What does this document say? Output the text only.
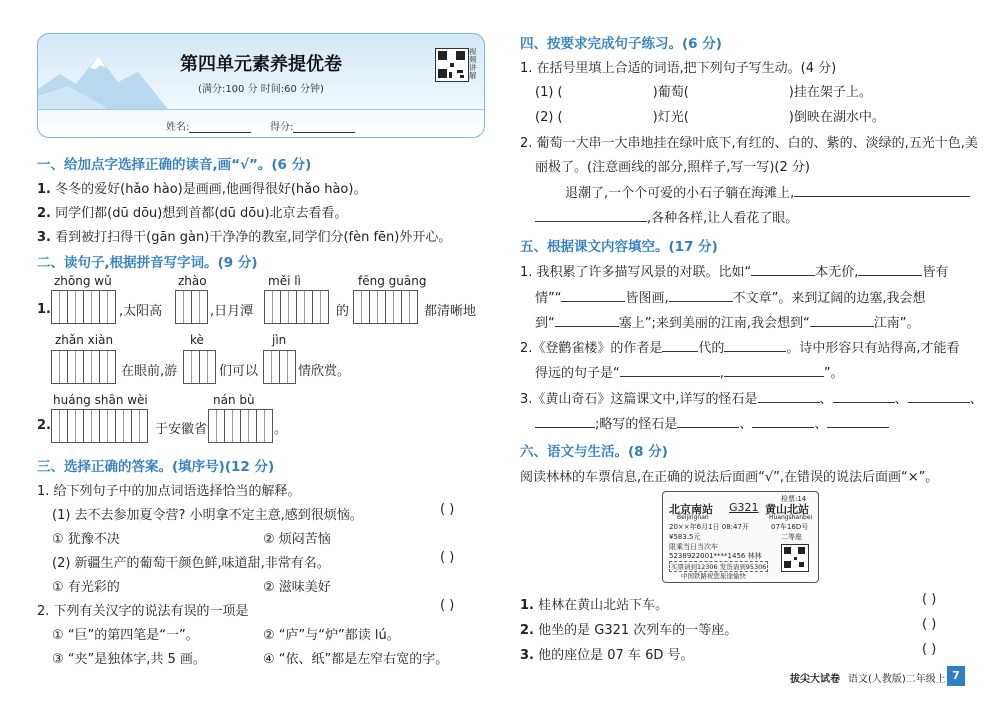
第四单元素养提优卷
(满分:100 分 时间:60 分钟)
视频讲解
姓名:	得分:
一、给加点字选择正确的读音,画“√”。(6 分)
1. 冬冬的爱好(hǎo hào)是画画,他画得很好(hǎo hào)。
2. 同学们都(dū dōu)想到首都(dū dōu)北京去看看。
3. 看到被打扫得干(gān gàn)干净净的教室,同学们分(fèn fēn)外开心。
二、读句子,根据拼音写字词。(9 分)
zhōng wǔ	zhào	měi lì	fēng guāng
1.	,太阳高	,日月潭	的	都清晰地
zhǎn xiàn	kè	jìn
在眼前,游	们可以	情欣赏。
huáng shān wèi	nán bù
2.	于安徽省	。
三、选择正确的答案。(填序号)(12 分)
1. 给下列句子中的加点词语选择恰当的解释。
(1) 去不去参加夏令营? 小明拿不定主意,感到很烦恼。	( )
① 犹豫不决	② 烦闷苦恼
(2) 新疆生产的葡萄干颜色鲜,味道甜,非常有名。	( )
① 有光彩的	② 滋味美好
2. 下列有关汉字的说法有误的一项是	( )
① “巨”的第四笔是“一”。	② “庐”与“炉”都读 lú。
③ “夹”是独体字,共 5 画。	④ “依、纸”都是左窄右宽的字。
四、按要求完成句子练习。(6 分)
1. 在括号里填上合适的词语,把下列句子写生动。(4 分)
(1) (	)葡萄(	)挂在架子上。
(2) (	)灯光(	)倒映在湖水中。
2. 葡萄一大串一大串地挂在绿叶底下,有红的、白的、紫的、淡绿的,五光十色,美
丽极了。(注意画线的部分,照样子,写一写)(2 分)
退潮了,一个个可爱的小石子躺在海滩上,
,各种各样,让人看花了眼。
五、根据课文内容填空。(17 分)
1. 我积累了许多描写风景的对联。比如“	本无价,	皆有
情”“	皆图画,	不文章”。来到辽阔的边塞,我会想
到“	塞上”;来到美丽的江南,我会想到“	江南”。
2.《登鹳雀楼》的作者是	代的	。诗中形容只有站得高,才能看
得远的句子是“	,	”。
3.《黄山奇石》这篇课文中,详写的怪石是	、	、	、
;略写的怪石是	、	、
六、语文与生活。(8 分)
阅读林林的车票信息,在正确的说法后面画“√”,在错误的说法后面画“×”。
检票:14
北京南站
Beijingnan
G321 黄山北站
Huangshanbei
20××年6月1日 08:47开	07车16D号
¥583.5元	二等座
限乘当日当次车
5238922001****1456 林林
买票请到12306 发货请到95306
中国铁路祝您旅途愉快
1. 桂林在黄山北站下车。	( )
2. 他坐的是 G321 次列车的一等座。	( )
3. 他的座位是 07 车 6D 号。	( )
拔尖大试卷 语文(人教版)二年级上 7
